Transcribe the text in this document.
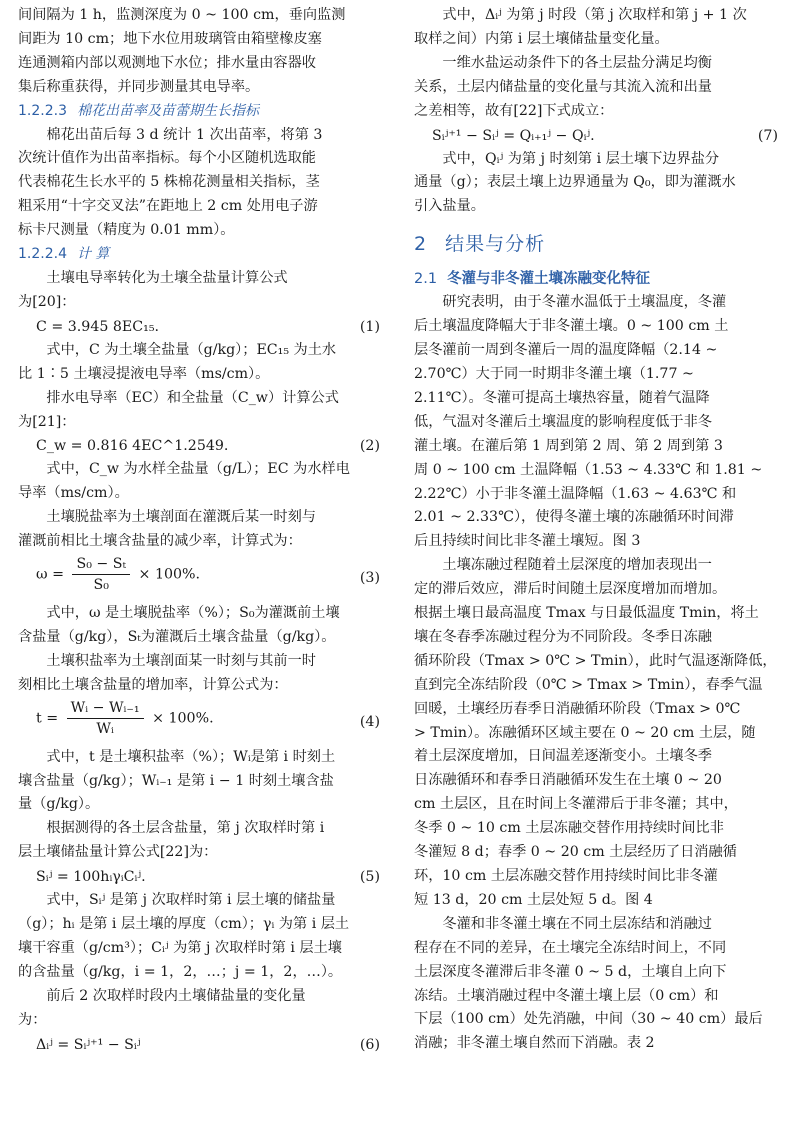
间间隔为 1 h，监测深度为 0 ~ 100 cm，垂向监测

间距为 10 cm；地下水位用玻璃管由箱壁橡皮塞

连通测箱内部以观测地下水位；排水量由容器收

集后称重获得，并同步测量其电导率。

1.2.2.3 棉花出苗率及苗蕾期生长指标

棉花出苗后每 3 d 统计 1 次出苗率，将第 3

次统计值作为出苗率指标。每个小区随机选取能

代表棉花生长水平的 5 株棉花测量相关指标，茎

粗采用“十字交叉法”在距地上 2 cm 处用电子游

标卡尺测量（精度为 0.01 mm）。

1.2.2.4 计 算

土壤电导率转化为土壤全盐量计算公式

为[20]：

C = 3.945 8EC₁₅.	(1)

式中，C 为土壤全盐量（g/kg）；EC₁₅ 为土水

比 1∶5 土壤浸提液电导率（ms/cm）。

排水电导率（EC）和全盐量（C_w）计算公式

为[21]：

C_w = 0.816 4EC^1.2549.	(2)

式中，C_w 为水样全盐量（g/L）；EC 为水样电

导率（ms/cm）。

土壤脱盐率为土壤剖面在灌溉后某一时刻与

灌溉前相比土壤含盐量的减少率，计算式为：

$\omega = \frac{\text{S₀ − Sₜ}}{\text{S₀}} \times 100\%$.	(3)

式中，ω 是土壤脱盐率（%）；S₀为灌溉前土壤

含盐量（g/kg），Sₜ为灌溉后土壤含盐量（g/kg）。

土壤积盐率为土壤剖面某一时刻与其前一时

刻相比土壤含盐量的增加率，计算公式为：

$t = \frac{\text{Wᵢ − Wᵢ₋₁}}{\text{Wᵢ}} \times 100\%$.	(4)

式中，t 是土壤积盐率（%）；Wᵢ是第 i 时刻土

壤含盐量（g/kg）；Wᵢ₋₁ 是第 i − 1 时刻土壤含盐

量（g/kg）。

根据测得的各土层含盐量，第 j 次取样时第 i

层土壤储盐量计算公式[22]为：

Sᵢʲ = 100hᵢγᵢCᵢʲ.	(5)

式中，Sᵢʲ 是第 j 次取样时第 i 层土壤的储盐量

（g）；hᵢ 是第 i 层土壤的厚度（cm）；γᵢ 为第 i 层土

壤干容重（g/cm³）；Cᵢʲ 为第 j 次取样时第 i 层土壤

的含盐量（g/kg，i = 1，2，…；j = 1，2，…）。

前后 2 次取样时段内土壤储盐量的变化量

为：

Δᵢʲ = Sᵢʲ⁺¹ − Sᵢʲ	(6)

式中，Δᵢʲ 为第 j 时段（第 j 次取样和第 j + 1 次

取样之间）内第 i 层土壤储盐量变化量。

一维水盐运动条件下的各土层盐分满足均衡

关系，土层内储盐量的变化量与其流入流和出量

之差相等，故有[22]下式成立：

Sᵢʲ⁺¹ − Sᵢʲ = Qᵢ₊₁ʲ − Qᵢʲ.	(7)

式中，Qᵢʲ 为第 j 时刻第 i 层土壤下边界盐分

通量（g）；表层土壤上边界通量为 Q₀，即为灌溉水

引入盐量。

2 结果与分析
2.1 冬灌与非冬灌土壤冻融变化特征

研究表明，由于冬灌水温低于土壤温度，冬灌

后土壤温度降幅大于非冬灌土壤。0 ~ 100 cm 土

层冬灌前一周到冬灌后一周的温度降幅（2.14 ~

2.70℃）大于同一时期非冬灌土壤（1.77 ~

2.11℃）。冬灌可提高土壤热容量，随着气温降

低，气温对冬灌后土壤温度的影响程度低于非冬

灌土壤。在灌后第 1 周到第 2 周、第 2 周到第 3

周 0 ~ 100 cm 土温降幅（1.53 ~ 4.33℃ 和 1.81 ~

2.22℃）小于非冬灌土温降幅（1.63 ~ 4.63℃ 和

2.01 ~ 2.33℃），使得冬灌土壤的冻融循环时间滞

后且持续时间比非冬灌土壤短。图 3

土壤冻融过程随着土层深度的增加表现出一

定的滞后效应，滞后时间随土层深度增加而增加。

根据土壤日最高温度 Tmax 与日最低温度 Tmin，将土

壤在冬春季冻融过程分为不同阶段。冬季日冻融

循环阶段（Tmax > 0℃ > Tmin），此时气温逐渐降低，

直到完全冻结阶段（0℃ > Tmax > Tmin），春季气温

回暖，土壤经历春季日消融循环阶段（Tmax > 0℃

> Tmin）。冻融循环区域主要在 0 ~ 20 cm 土层，随

着土层深度增加，日间温差逐渐变小。土壤冬季

日冻融循环和春季日消融循环发生在土壤 0 ~ 20

cm 土层区，且在时间上冬灌滞后于非冬灌；其中，

冬季 0 ~ 10 cm 土层冻融交替作用持续时间比非

冬灌短 8 d；春季 0 ~ 20 cm 土层经历了日消融循

环，10 cm 土层冻融交替作用持续时间比非冬灌

短 13 d，20 cm 土层处短 5 d。图 4

冬灌和非冬灌土壤在不同土层冻结和消融过

程存在不同的差异，在土壤完全冻结时间上，不同

土层深度冬灌滞后非冬灌 0 ~ 5 d，土壤自上向下

冻结。土壤消融过程中冬灌土壤上层（0 cm）和

下层（100 cm）处先消融，中间（30 ~ 40 cm）最后

消融；非冬灌土壤自然而下消融。表 2
